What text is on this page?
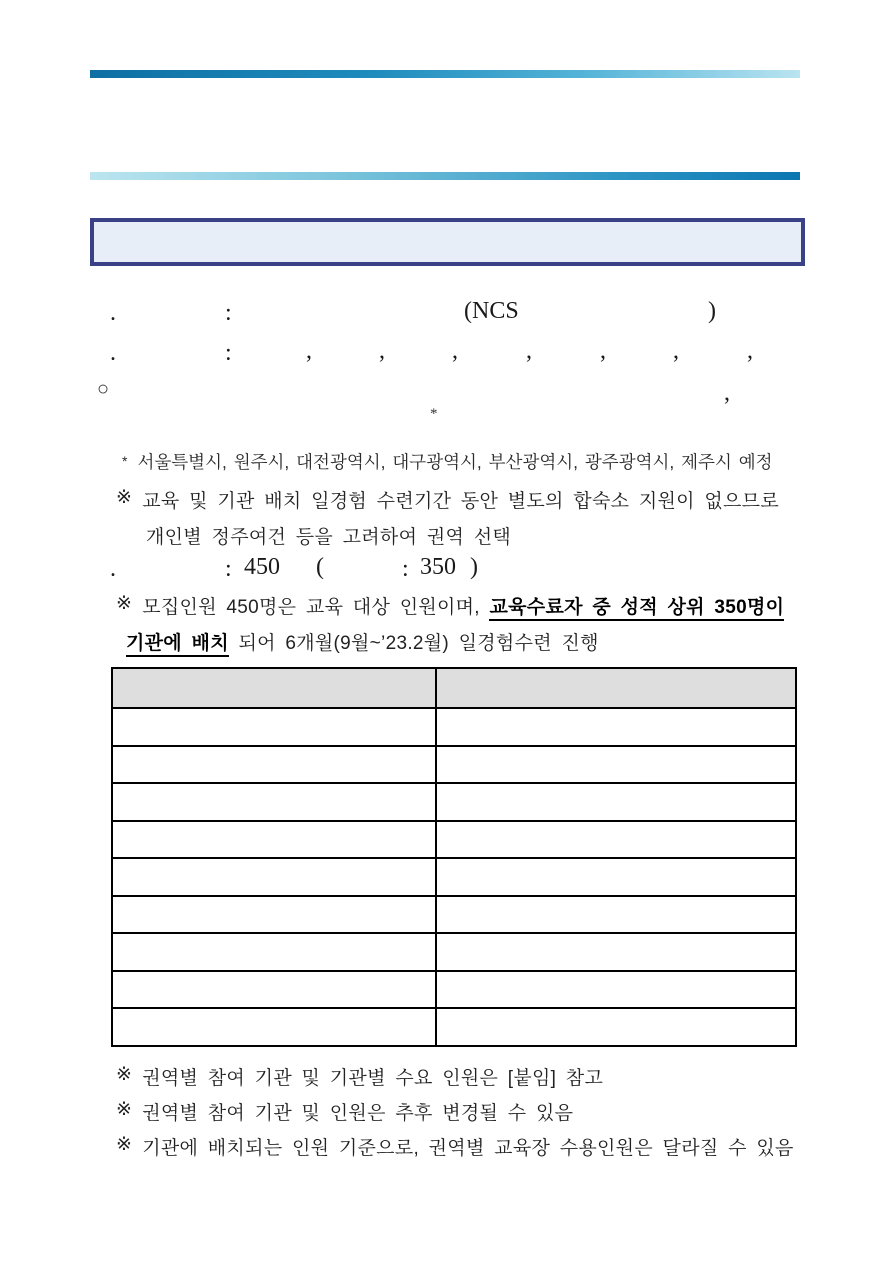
.	:	(NCS	)
.	:	,	,	,	,	,	,	,
○	,
*
* 서울특별시, 원주시, 대전광역시, 대구광역시, 부산광역시, 광주광역시, 제주시 예정
※ 교육 및 기관 배치 일경험 수련기간 동안 별도의 합숙소 지원이 없으므로
개인별 정주여건 등을 고려하여 권역 선택
.	: 450 (	: 350 )
※ 모집인원 450명은 교육 대상 인원이며, 교육수료자 중 성적 상위 350명이
기관에 배치 되어 6개월(9월~’23.2월) 일경험수련 진행

※ 권역별 참여 기관 및 기관별 수요 인원은 [붙임] 참고
※ 권역별 참여 기관 및 인원은 추후 변경될 수 있음
※ 기관에 배치되는 인원 기준으로, 권역별 교육장 수용인원은 달라질 수 있음
